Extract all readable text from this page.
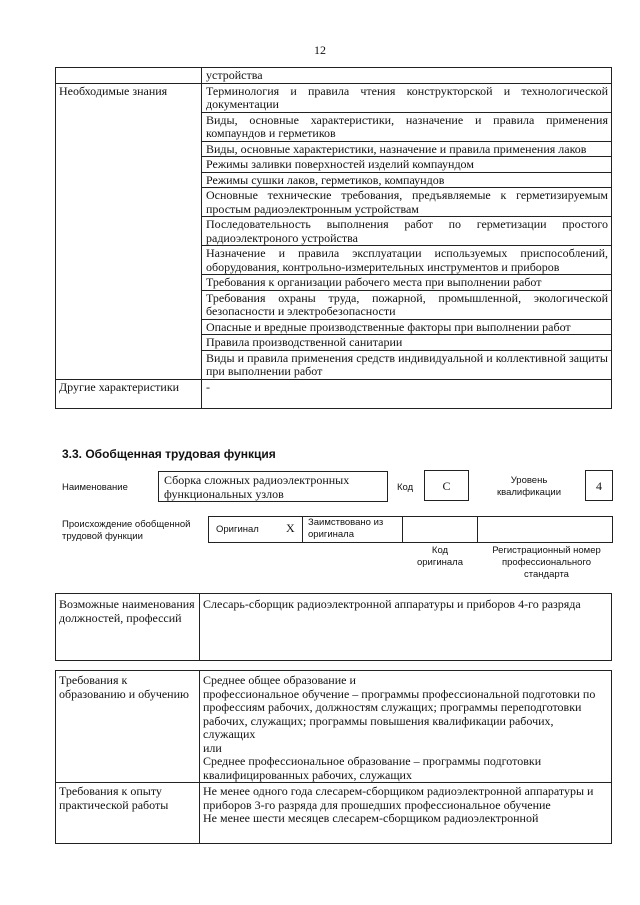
12
	устройства
Необходимые знания	Терминология и правила чтения конструкторской и технологической документации
	Виды, основные характеристики, назначение и правила применения компаундов и герметиков
	Виды, основные характеристики, назначение и правила применения лаков
	Режимы заливки поверхностей изделий компаундом
	Режимы сушки лаков, герметиков, компаундов
	Основные технические требования, предъявляемые к герметизируемым простым радиоэлектронным устройствам
	Последовательность выполнения работ по герметизации простого радиоэлектроного устройства
	Назначение и правила эксплуатации используемых приспособлений, оборудования, контрольно-измерительных инструментов и приборов
	Требования к организации рабочего места при выполнении работ
	Требования охраны труда, пожарной, промышленной, экологической безопасности и электробезопасности
	Опасные и вредные производственные факторы при выполнении работ
	Правила производственной санитарии
	Виды и правила применения средств индивидуальной и коллективной защиты при выполнении работ
Другие характеристики	-
3.3. Обобщенная трудовая функция
Наименование
Сборка сложных радиоэлектронных функциональных узлов	Код	C	Уровень квалификации	4
Происхождение обобщенной трудовой функции
Оригинал X Заимствовано из оригинала
Код оригинала
Регистрационный номер профессионального стандарта
Возможные наименования должностей, профессий	Слесарь-сборщик радиоэлектронной аппаратуры и приборов 4-го разряда
Требования к образованию и обучению	Среднее общее образование и
профессиональное обучение – программы профессиональной подготовки по профессиям рабочих, должностям служащих; программы переподготовки рабочих, служащих; программы повышения квалификации рабочих, служащих
или
Среднее профессиональное образование – программы подготовки квалифицированных рабочих, служащих

Требования к опыту практической работы	Не менее одного года слесарем-сборщиком радиоэлектронной аппаратуры и приборов 3-го разряда для прошедших профессиональное обучение
Не менее шести месяцев слесарем-сборщиком радиоэлектронной
